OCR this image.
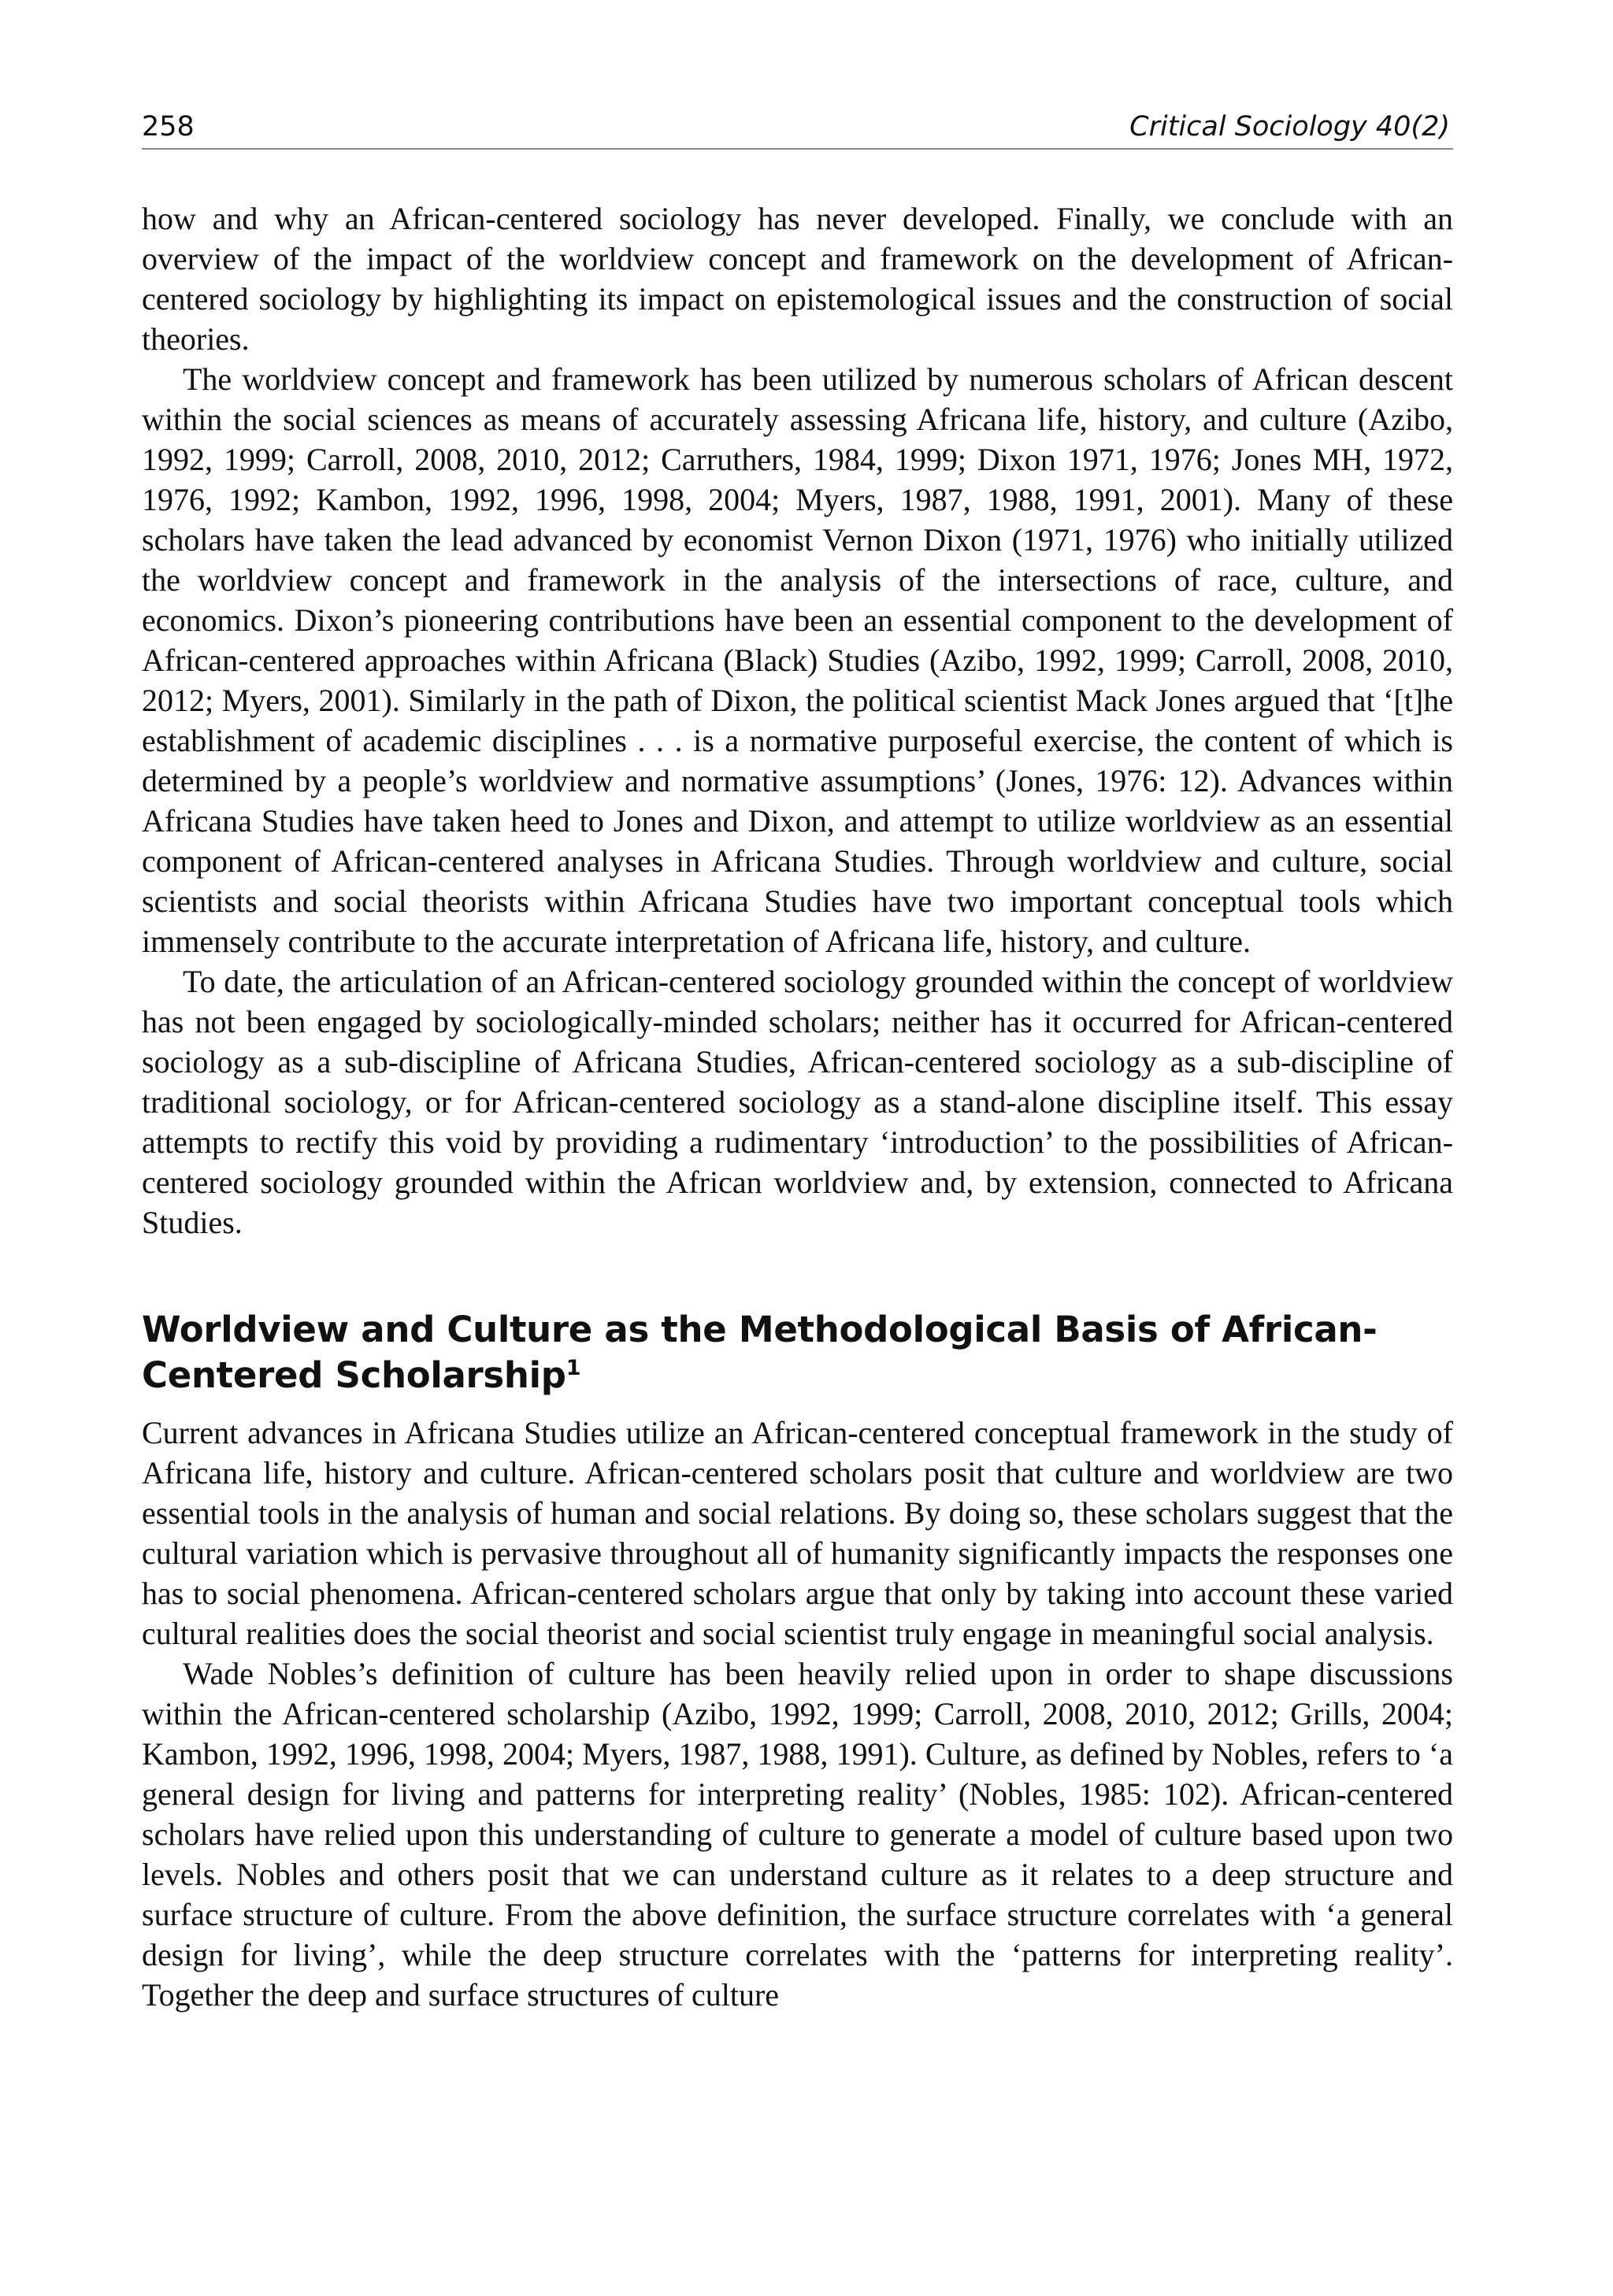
258	Critical Sociology 40(2)

how and why an African-centered sociology has never developed. Finally, we conclude with an overview of the impact of the worldview concept and framework on the development of African-centered sociology by highlighting its impact on epistemological issues and the construction of social theories.

The worldview concept and framework has been utilized by numerous scholars of African descent within the social sciences as means of accurately assessing Africana life, history, and culture (Azibo, 1992, 1999; Carroll, 2008, 2010, 2012; Carruthers, 1984, 1999; Dixon 1971, 1976; Jones MH, 1972, 1976, 1992; Kambon, 1992, 1996, 1998, 2004; Myers, 1987, 1988, 1991, 2001). Many of these scholars have taken the lead advanced by economist Vernon Dixon (1971, 1976) who initially utilized the worldview concept and framework in the analysis of the intersections of race, culture, and economics. Dixon’s pioneering contributions have been an essential component to the development of African-centered approaches within Africana (Black) Studies (Azibo, 1992, 1999; Carroll, 2008, 2010, 2012; Myers, 2001). Similarly in the path of Dixon, the political scientist Mack Jones argued that ‘[t]he establishment of academic disciplines . . . is a normative purposeful exercise, the content of which is determined by a people’s worldview and normative assumptions’ (Jones, 1976: 12). Advances within Africana Studies have taken heed to Jones and Dixon, and attempt to utilize worldview as an essential component of African-centered analyses in Africana Studies. Through worldview and culture, social scientists and social theorists within Africana Studies have two important conceptual tools which immensely contribute to the accurate interpretation of Africana life, history, and culture.

To date, the articulation of an African-centered sociology grounded within the concept of worldview has not been engaged by sociologically-minded scholars; neither has it occurred for African-centered sociology as a sub-discipline of Africana Studies, African-centered sociology as a sub-discipline of traditional sociology, or for African-centered sociology as a stand-alone discipline itself. This essay attempts to rectify this void by providing a rudimentary ‘introduction’ to the possibilities of African-centered sociology grounded within the African worldview and, by extension, connected to Africana Studies.

Worldview and Culture as the Methodological Basis of African-Centered Scholarship$^1$

Current advances in Africana Studies utilize an African-centered conceptual framework in the study of Africana life, history and culture. African-centered scholars posit that culture and worldview are two essential tools in the analysis of human and social relations. By doing so, these scholars suggest that the cultural variation which is pervasive throughout all of humanity significantly impacts the responses one has to social phenomena. African-centered scholars argue that only by taking into account these varied cultural realities does the social theorist and social scientist truly engage in meaningful social analysis.

Wade Nobles’s definition of culture has been heavily relied upon in order to shape discussions within the African-centered scholarship (Azibo, 1992, 1999; Carroll, 2008, 2010, 2012; Grills, 2004; Kambon, 1992, 1996, 1998, 2004; Myers, 1987, 1988, 1991). Culture, as defined by Nobles, refers to ‘a general design for living and patterns for interpreting reality’ (Nobles, 1985: 102). African-centered scholars have relied upon this understanding of culture to generate a model of culture based upon two levels. Nobles and others posit that we can understand culture as it relates to a deep structure and surface structure of culture. From the above definition, the surface structure correlates with ‘a general design for living’, while the deep structure correlates with the ‘patterns for interpreting reality’. Together the deep and surface structures of culture
